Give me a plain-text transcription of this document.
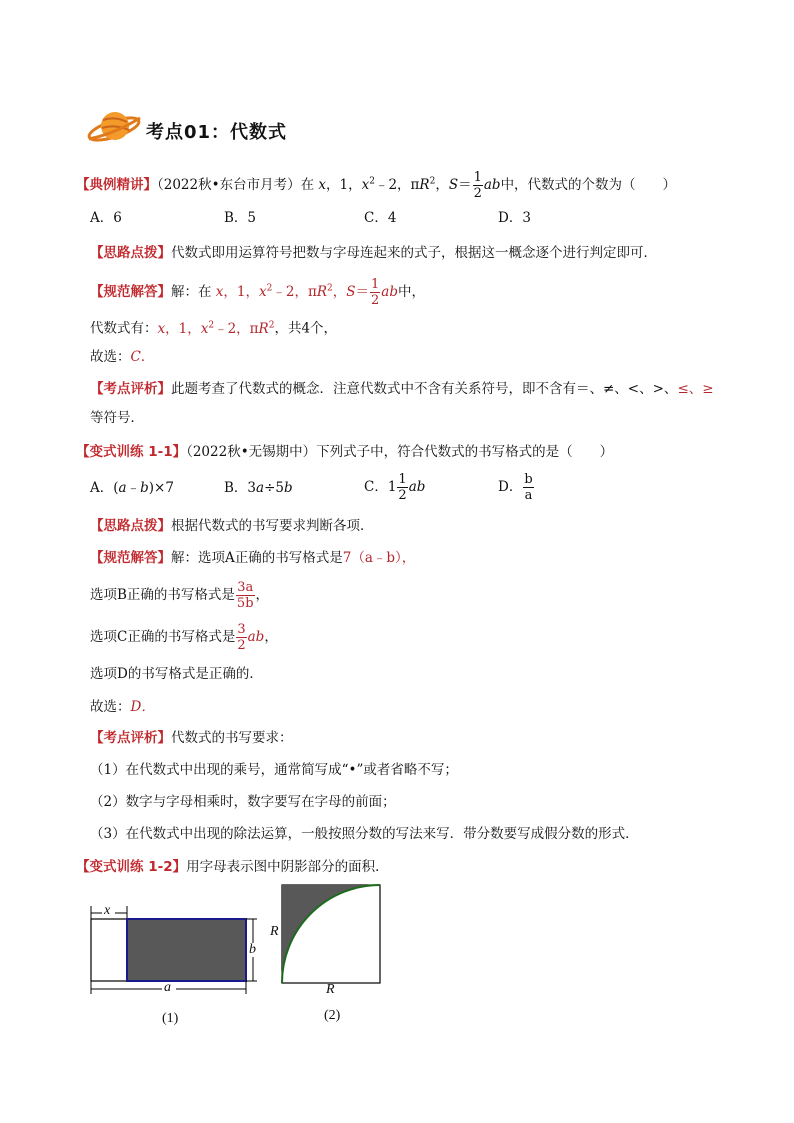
考点01：代数式
【典例精讲】（2022秋•东台市月考）在 x，1，$x^2﹣2$，$\pi R^2$，$S= \frac{1}{2}$ ab中，代数式的个数为（　　）
A．6	B．5	C．4	D．3
【思路点拨】代数式即用运算符号把数与字母连起来的式子，根据这一概念逐个进行判定即可．
【规范解答】解：在 x，1，$x^2﹣2$，$\pi R^2$，$S= \frac{1}{2}$ ab中，
代数式有：x，1，$x^2﹣2$，$\pi R^2$，共4个，
故选：C．
【考点评析】此题考查了代数式的概念．注意代数式中不含有关系符号，即不含有＝、≠、<、>、≤、≥
等符号．
【变式训练 1-1】（2022秋•无锡期中）下列式子中，符合代数式的书写格式的是（　　）
A．(a﹣b)×7	B．3a÷5b	C．$1 \frac{1}{2}$ ab	D． $\frac{b}{a}$
【思路点拨】根据代数式的书写要求判断各项．
【规范解答】解：选项A正确的书写格式是7（a﹣b），
选项B正确的书写格式是 $\frac{3a}{5b}$ ，
选项C正确的书写格式是 $\frac{3}{2}$ ab，
选项D的书写格式是正确的．
故选：D．
【考点评析】代数式的书写要求：
（1）在代数式中出现的乘号，通常简写成“•”或者省略不写；
（2）数字与字母相乘时，数字要写在字母的前面；
（3）在代数式中出现的除法运算，一般按照分数的写法来写．带分数要写成假分数的形式．
【变式训练 1-2】用字母表示图中阴影部分的面积．
x
b
a
(1)
R
R
(2)
